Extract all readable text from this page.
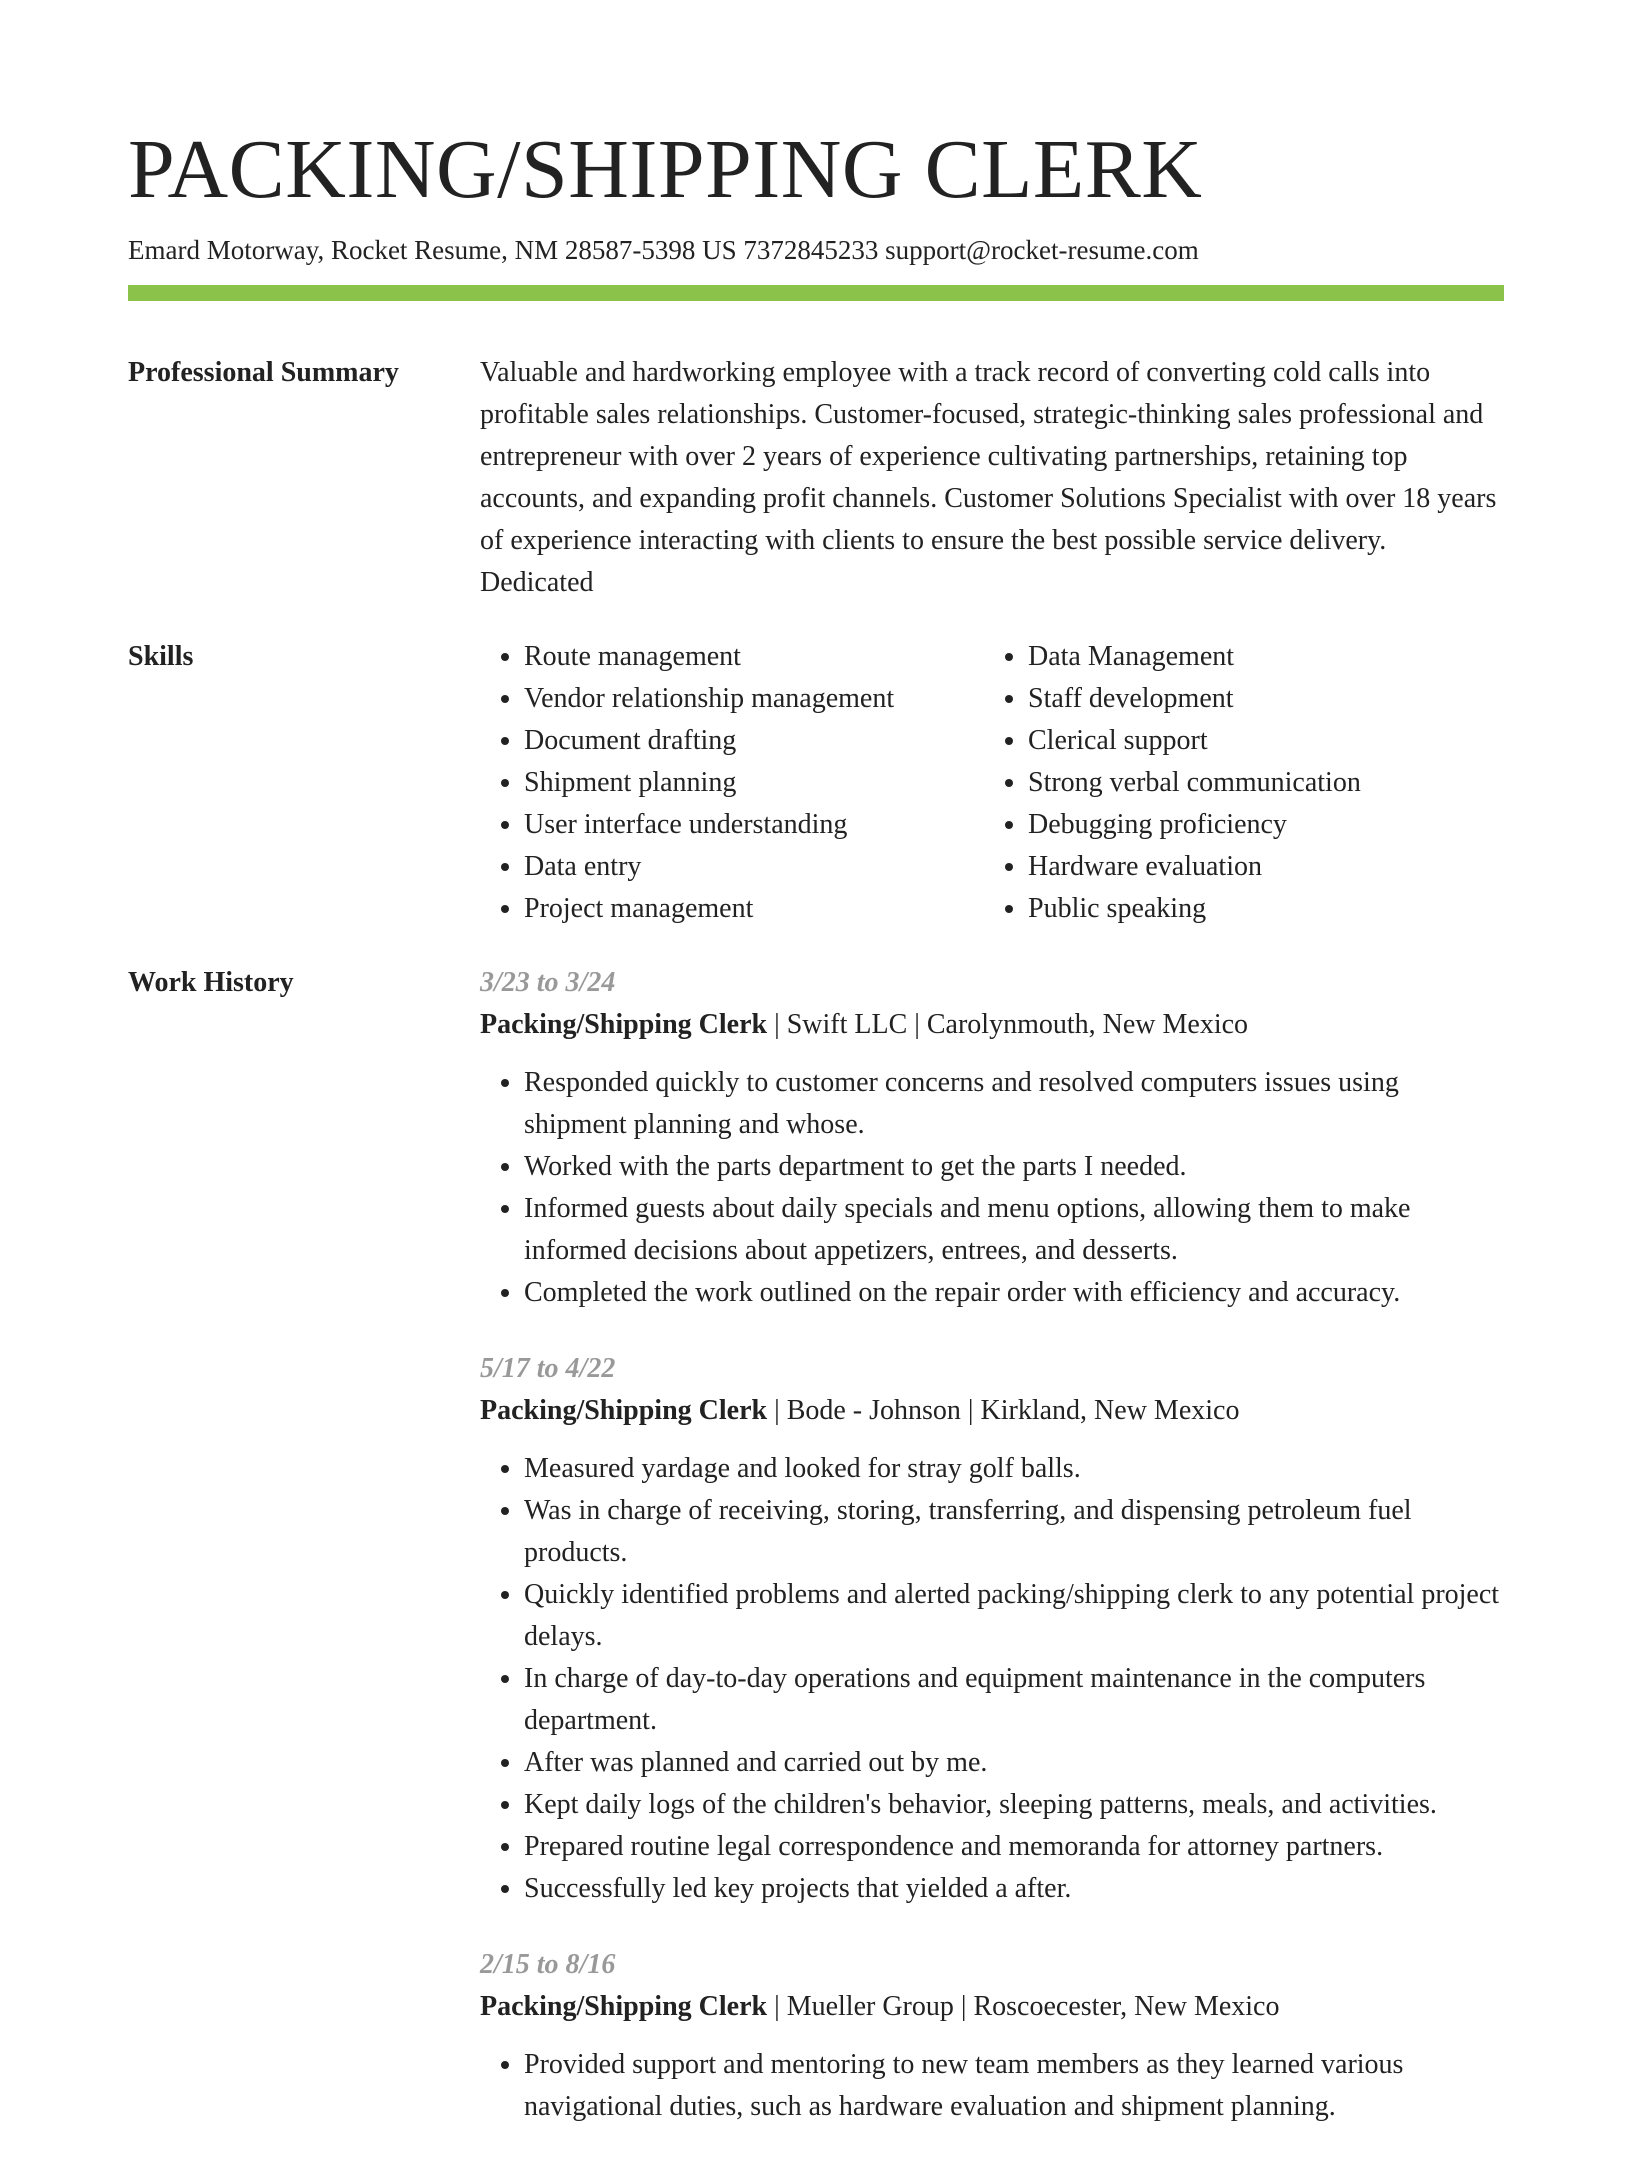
PACKING/SHIPPING CLERK
Emard Motorway, Rocket Resume, NM 28587-5398 US 7372845233 support@rocket-resume.com
Professional Summary	Valuable and hardworking employee with a track record of converting cold calls into profitable sales relationships. Customer-focused, strategic-thinking sales professional and entrepreneur with over 2 years of experience cultivating partnerships, retaining top accounts, and expanding profit channels. Customer Solutions Specialist with over 18 years of experience interacting with clients to ensure the best possible service delivery. Dedicated

Skills
•	Route management
• Vendor relationship management
• Document drafting
• Shipment planning
• User interface understanding
• Data entry
• Project management
• Data Management
• Staff development
• Clerical support
• Strong verbal communication
• Debugging proficiency
• Hardware evaluation
• Public speaking
Work History	3/23 to 3/24
Packing/Shipping Clerk | Swift LLC | Carolynmouth, New Mexico
• Responded quickly to customer concerns and resolved computers issues using shipment planning and whose.
• Worked with the parts department to get the parts I needed.
• Informed guests about daily specials and menu options, allowing them to make informed decisions about appetizers, entrees, and desserts.
• Completed the work outlined on the repair order with efficiency and accuracy.
5/17 to 4/22
Packing/Shipping Clerk | Bode - Johnson | Kirkland, New Mexico
• Measured yardage and looked for stray golf balls.
• Was in charge of receiving, storing, transferring, and dispensing petroleum fuel products.
• Quickly identified problems and alerted packing/shipping clerk to any potential project delays.
• In charge of day-to-day operations and equipment maintenance in the computers department.
• After was planned and carried out by me.
• Kept daily logs of the children's behavior, sleeping patterns, meals, and activities.
• Prepared routine legal correspondence and memoranda for attorney partners.
• Successfully led key projects that yielded a after.
2/15 to 8/16
Packing/Shipping Clerk | Mueller Group | Roscoecester, New Mexico
• Provided support and mentoring to new team members as they learned various navigational duties, such as hardware evaluation and shipment planning.
